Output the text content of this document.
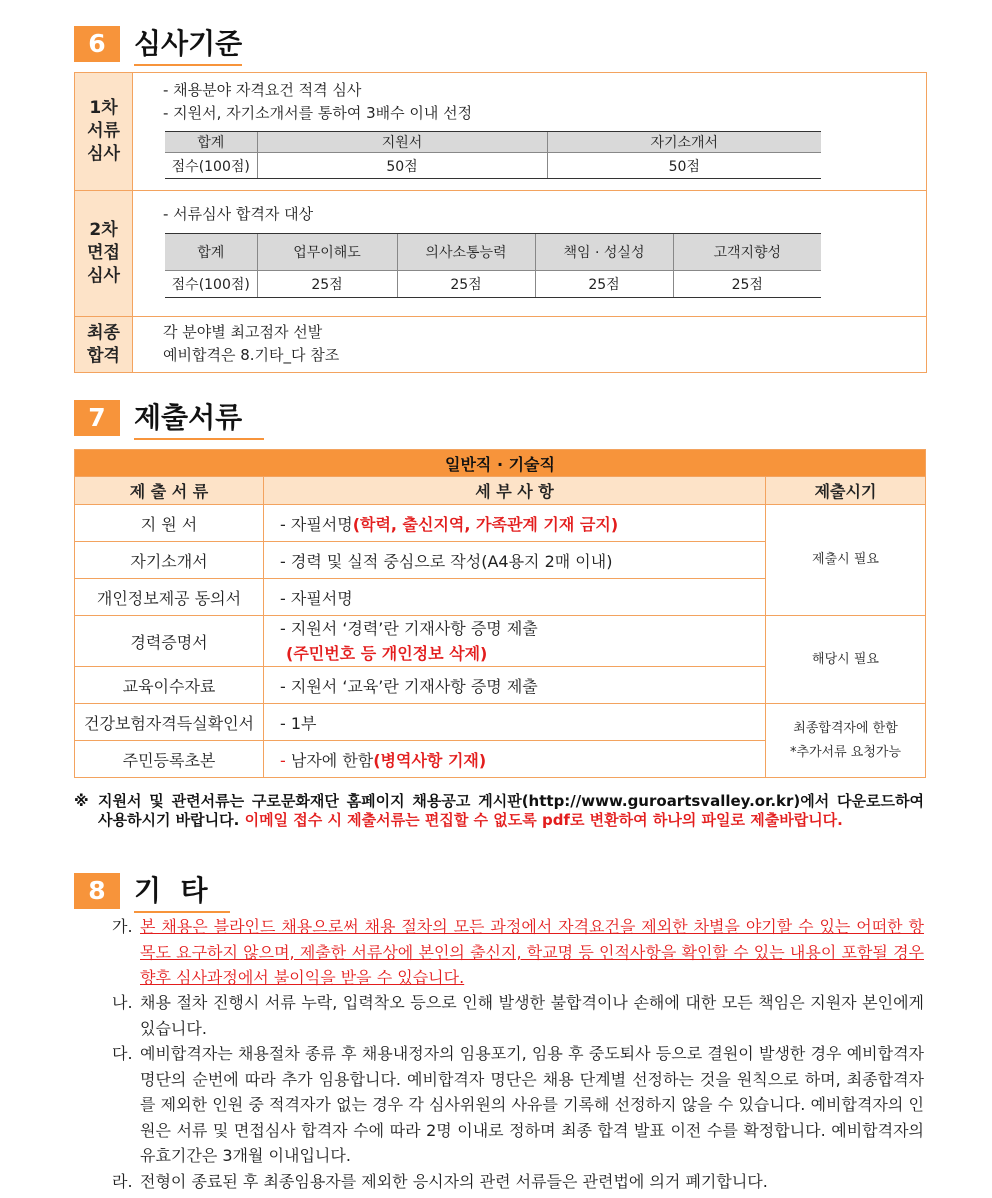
6	심사기준
1차
서류
심사
- 채용분야 자격요건 적격 심사
- 지원서, 자기소개서를 통하여 3배수 이내 선정
합계	지원서	자기소개서
점수(100점)	50점	50점
2차
면접
심사
- 서류심사 합격자 대상
합계	업무이해도	의사소통능력	책임 · 성실성	고객지향성
점수(100점)	25점	25점	25점	25점
최종
합격
각 분야별 최고점자 선발
예비합격은 8.기타_다 참조
7	제출서류
일반직 · 기술직		
제 출 서 류	세 부 사 항	제출시기
지 원 서	- 자필서명(학력, 출신지역, 가족관계 기재 금지)	제출시 필요
자기소개서	- 경력 및 실적 중심으로 작성(A4용지 2매 이내)	
개인정보제공 동의서	- 자필서명	
경력증명서	- 지원서 ‘경력’란 기재사항 증명 제출
(주민번호 등 개인정보 삭제)	해당시 필요
교육이수자료	- 지원서 ‘교육’란 기재사항 증명 제출	
건강보험자격득실확인서	- 1부	최종합격자에 한함
*추가서류 요청가능
주민등록초본	- 남자에 한함(병역사항 기재)	
※ 지원서 및 관련서류는 구로문화재단 홈페이지 채용공고 게시판(http://www.guroartsvalley.or.kr)에서 다운로드하여 사용하시기 바랍니다. 이메일 접수 시 제출서류는 편집할 수 없도록 pdf로 변환하여 하나의 파일로 제출바랍니다.
8	기  타
가. 본 채용은 블라인드 채용으로써 채용 절차의 모든 과정에서 자격요건을 제외한 차별을 야기할 수 있는 어떠한 항목도 요구하지 않으며, 제출한 서류상에 본인의 출신지, 학교명 등 인적사항을 확인할 수 있는 내용이 포함될 경우 향후 심사과정에서 불이익을 받을 수 있습니다.
나. 채용 절차 진행시 서류 누락, 입력착오 등으로 인해 발생한 불합격이나 손해에 대한 모든 책임은 지원자 본인에게 있습니다.
다. 예비합격자는 채용절차 종류 후 채용내정자의 임용포기, 임용 후 중도퇴사 등으로 결원이 발생한 경우 예비합격자 명단의 순번에 따라 추가 임용합니다. 예비합격자 명단은 채용 단계별 선정하는 것을 원칙으로 하며, 최종합격자를 제외한 인원 중 적격자가 없는 경우 각 심사위원의 사유를 기록해 선정하지 않을 수 있습니다. 예비합격자의 인원은 서류 및 면접심사 합격자 수에 따라 2명 이내로 정하며 최종 합격 발표 이전 수를 확정합니다. 예비합격자의 유효기간은 3개월 이내입니다.
라. 전형이 종료된 후 최종임용자를 제외한 응시자의 관련 서류들은 관련법에 의거 폐기합니다.
